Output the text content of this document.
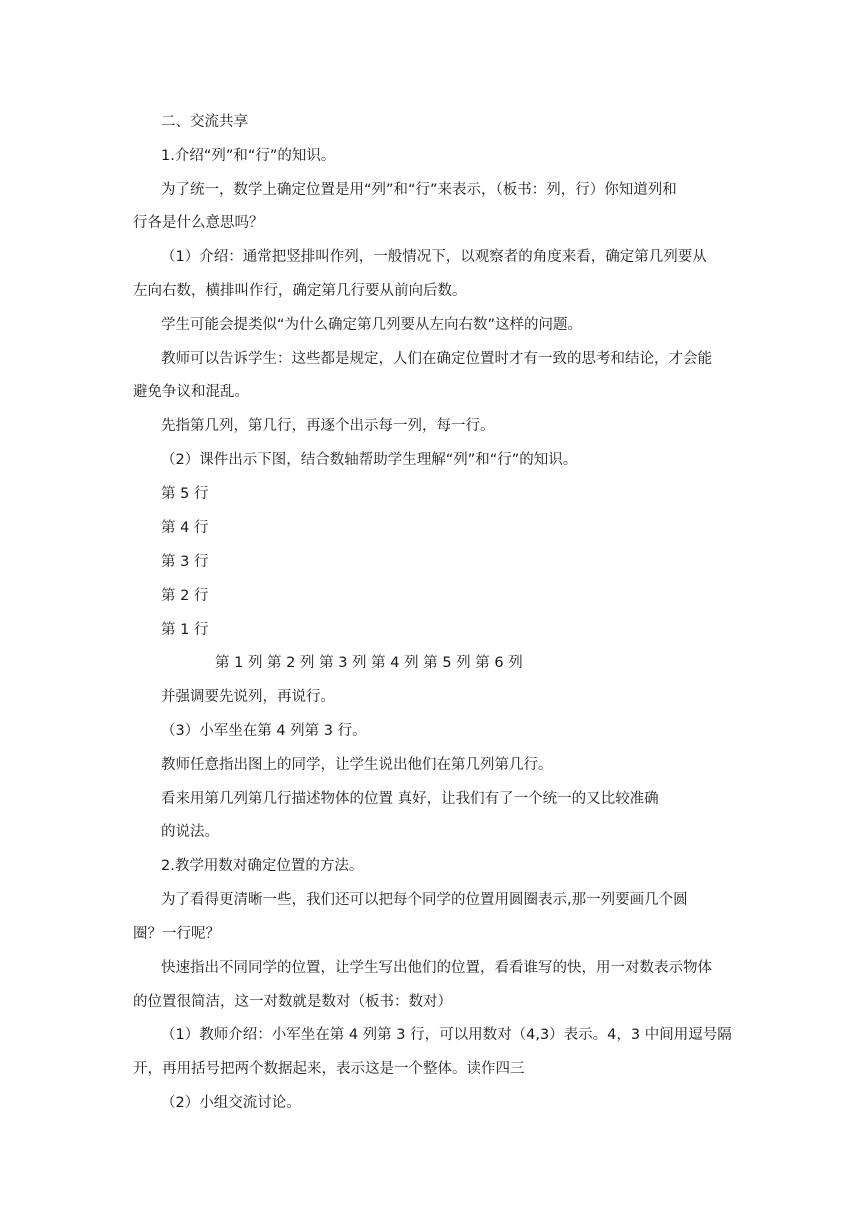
二、交流共享
1.介绍“列”和“行”的知识。
为了统一，数学上确定位置是用“列”和“行”来表示，（板书：列，行）你知道列和
行各是什么意思吗？
（1）介绍：通常把竖排叫作列，一般情况下，以观察者的角度来看，确定第几列要从
左向右数，横排叫作行，确定第几行要从前向后数。
学生可能会提类似“为什么确定第几列要从左向右数”这样的问题。
教师可以告诉学生：这些都是规定，人们在确定位置时才有一致的思考和结论，才会能
避免争议和混乱。
先指第几列，第几行，再逐个出示每一列，每一行。
（2）课件出示下图，结合数轴帮助学生理解“列”和“行”的知识。
第 5 行
第 4 行
第 3 行
第 2 行
第 1 行
第 1 列 第 2 列 第 3 列 第 4 列 第 5 列 第 6 列
并强调要先说列，再说行。
（3）小军坐在第 4 列第 3 行。
教师任意指出图上的同学，让学生说出他们在第几列第几行。
看来用第几列第几行描述物体的位置 真好，让我们有了一个统一的又比较准确
的说法。
2.教学用数对确定位置的方法。
为了看得更清晰一些，我们还可以把每个同学的位置用圆圈表示,那一列要画几个圆
圈？一行呢？
快速指出不同同学的位置，让学生写出他们的位置，看看谁写的快，用一对数表示物体
的位置很简洁，这一对数就是数对（板书：数对）
（1）教师介绍：小军坐在第 4 列第 3 行，可以用数对（4,3）表示。4，3 中间用逗号隔
开，再用括号把两个数据起来，表示这是一个整体。读作四三
（2）小组交流讨论。
